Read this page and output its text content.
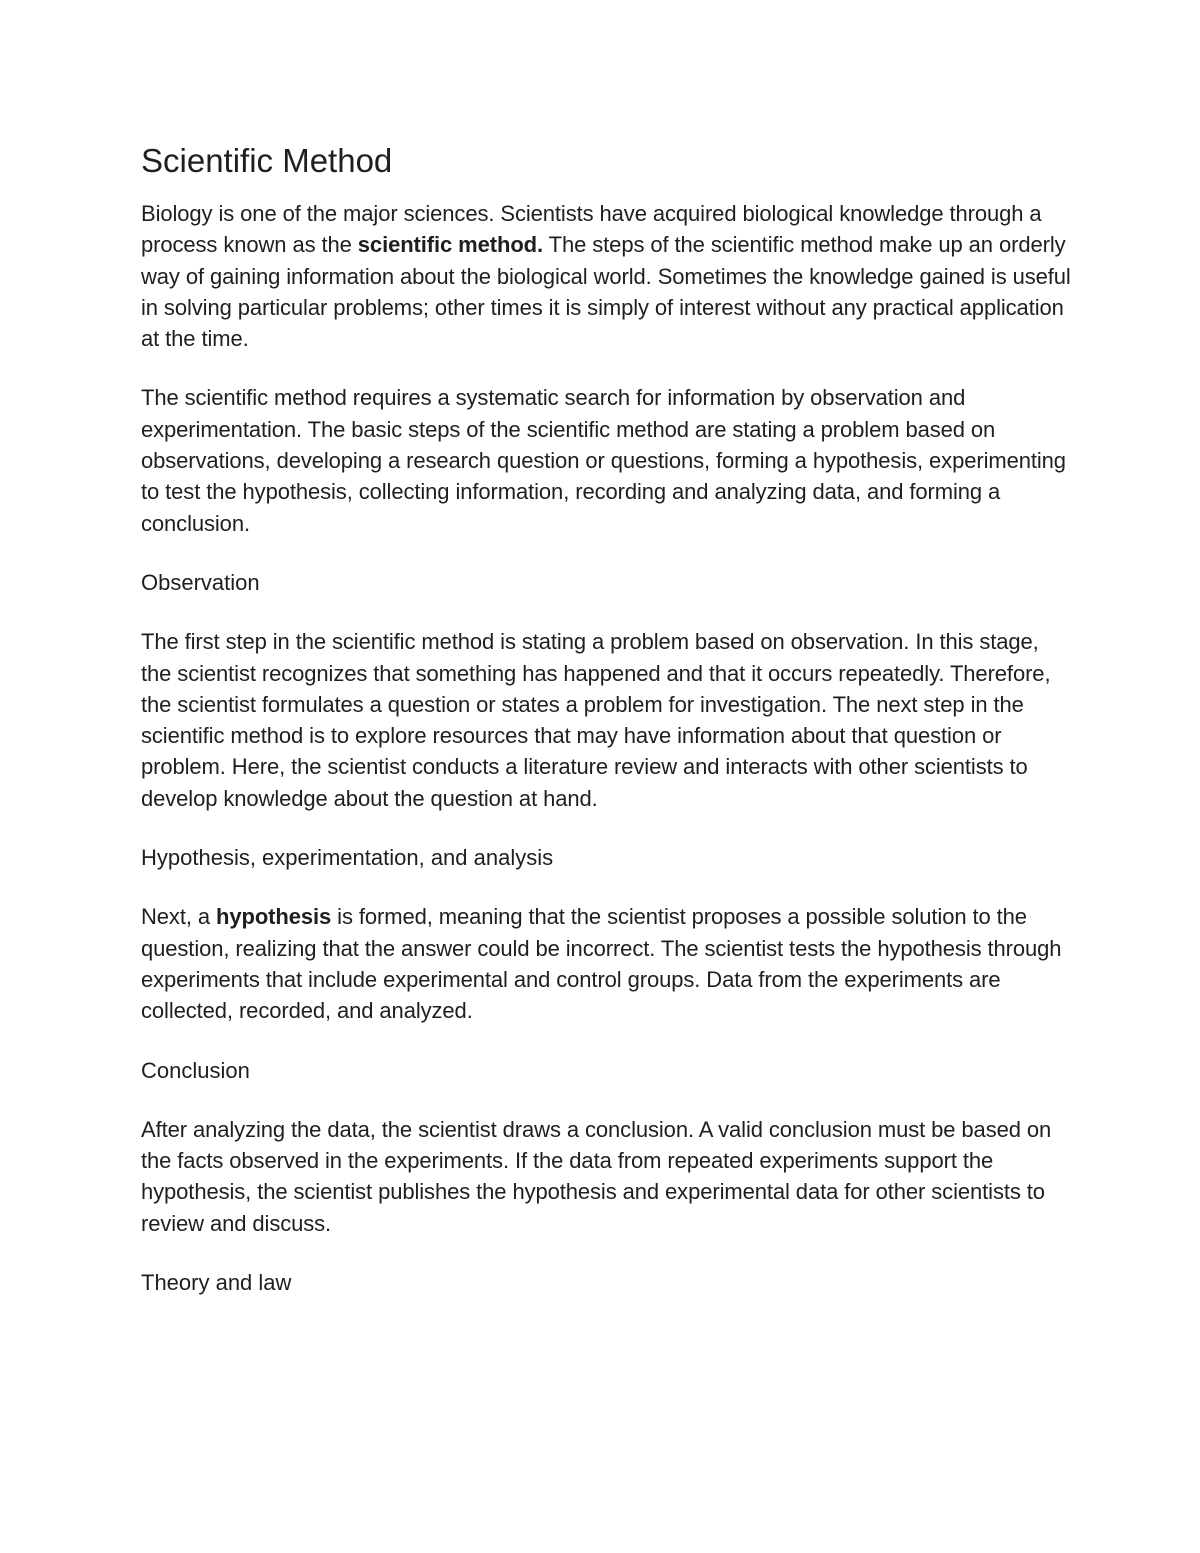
Scientific Method

Biology is one of the major sciences. Scientists have acquired biological knowledge through a process known as the scientific method. The steps of the scientific method make up an orderly way of gaining information about the biological world. Sometimes the knowledge gained is useful in solving particular problems; other times it is simply of interest without any practical application at the time.

The scientific method requires a systematic search for information by observation and experimentation. The basic steps of the scientific method are stating a problem based on observations, developing a research question or questions, forming a hypothesis, experimenting to test the hypothesis, collecting information, recording and analyzing data, and forming a conclusion.

Observation

The first step in the scientific method is stating a problem based on observation. In this stage, the scientist recognizes that something has happened and that it occurs repeatedly. Therefore, the scientist formulates a question or states a problem for investigation. The next step in the scientific method is to explore resources that may have information about that question or problem. Here, the scientist conducts a literature review and interacts with other scientists to develop knowledge about the question at hand.

Hypothesis, experimentation, and analysis

Next, a hypothesis is formed, meaning that the scientist proposes a possible solution to the question, realizing that the answer could be incorrect. The scientist tests the hypothesis through experiments that include experimental and control groups. Data from the experiments are collected, recorded, and analyzed.

Conclusion

After analyzing the data, the scientist draws a conclusion. A valid conclusion must be based on the facts observed in the experiments. If the data from repeated experiments support the hypothesis, the scientist publishes the hypothesis and experimental data for other scientists to review and discuss.

Theory and law
